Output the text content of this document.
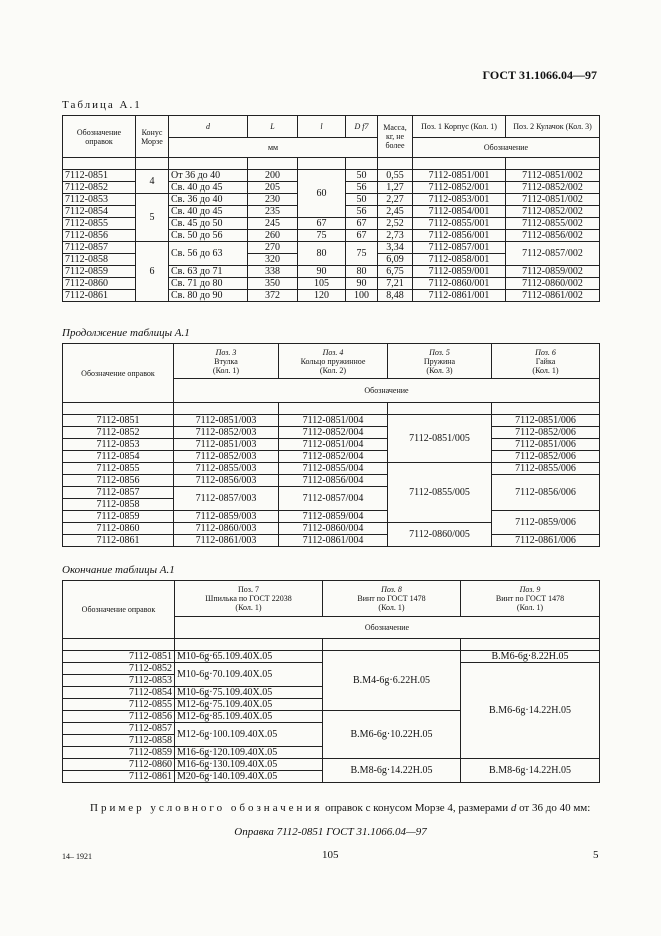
ГОСТ 31.1066.04—97
Таблица А.1
Обозначение оправок	Конус Морзе	d	L	l	D f7	Масса, кг, не более	Поз. 1 Корпус (Кол. 1)	Поз. 2 Кулачок (Кол. 3)
		мм					Обозначение	

7112-0851	4	От 36 до 40	200	60	50	0,55	7112-0851/001	7112-0851/002
7112-0852		Св. 40 до 45	205		56	1,27	7112-0852/001	7112-0852/002
7112-0853	5	Св. 36 до 40	230		50	2,27	7112-0853/001	7112-0851/002
7112-0854		Св. 40 до 45	235		56	2,45	7112-0854/001	7112-0852/002
7112-0855		Св. 45 до 50	245	67	67	2,52	7112-0855/001	7112-0855/002
7112-0856		Св. 50 до 56	260	75	67	2,73	7112-0856/001	7112-0856/002
7112-0857	6	Св. 56 до 63	270	80	75	3,34	7112-0857/001	7112-0857/002
7112-0858			320			6,09	7112-0858/001	
7112-0859		Св. 63 до 71	338	90	80	6,75	7112-0859/001	7112-0859/002
7112-0860		Св. 71 до 80	350	105	90	7,21	7112-0860/001	7112-0860/002
7112-0861		Св. 80 до 90	372	120	100	8,48	7112-0861/001	7112-0861/002
Продолжение таблицы А.1
Обозначение оправок	Поз. 3
Втулка
(Кол. 1)	Поз. 4
Кольцо пружинное
(Кол. 2)	Поз. 5
Пружина
(Кол. 3)	Поз. 6
Гайка
(Кол. 1)
	Обозначение			

7112-0851	7112-0851/003	7112-0851/004	7112-0851/005	7112-0851/006
7112-0852	7112-0852/003	7112-0852/004		7112-0852/006
7112-0853	7112-0851/003	7112-0851/004		7112-0851/006
7112-0854	7112-0852/003	7112-0852/004		7112-0852/006
7112-0855	7112-0855/003	7112-0855/004	7112-0855/005	7112-0855/006
7112-0856	7112-0856/003	7112-0856/004		7112-0856/006
7112-0857	7112-0857/003	7112-0857/004		
7112-0858				
7112-0859	7112-0859/003	7112-0859/004		7112-0859/006
7112-0860	7112-0860/003	7112-0860/004	7112-0860/005	
7112-0861	7112-0861/003	7112-0861/004		7112-0861/006
Окончание таблицы А.1
Обозначение оправок	Поз. 7
Шпилька по ГОСТ 22038
(Кол. 1)	Поз. 8
Винт по ГОСТ 1478
(Кол. 1)	Поз. 9
Винт по ГОСТ 1478
(Кол. 1)
	Обозначение		

7112-0851	M10-6g·65.109.40X.05	B.M4-6g·6.22H.05	B.M6-6g·8.22H.05
7112-0852	M10-6g·70.109.40X.05		B.M6-6g·14.22H.05
7112-0853			
7112-0854	M10-6g·75.109.40X.05		
7112-0855	M12-6g·75.109.40X.05		
7112-0856	M12-6g·85.109.40X.05	B.M6-6g·10.22H.05	
7112-0857	M12-6g·100.109.40X.05		
7112-0858			
7112-0859	M16-6g·120.109.40X.05		
7112-0860	M16-6g·130.109.40X.05	B.M8-6g·14.22H.05	B.M8-6g·14.22H.05
7112-0861	M20-6g·140.109.40X.05		
Пример условного обозначения оправок с конусом Морзе 4, размерами d от 36 до 40 мм:
Оправка 7112-0851 ГОСТ 31.1066.04—97
14– 1921	105	5
